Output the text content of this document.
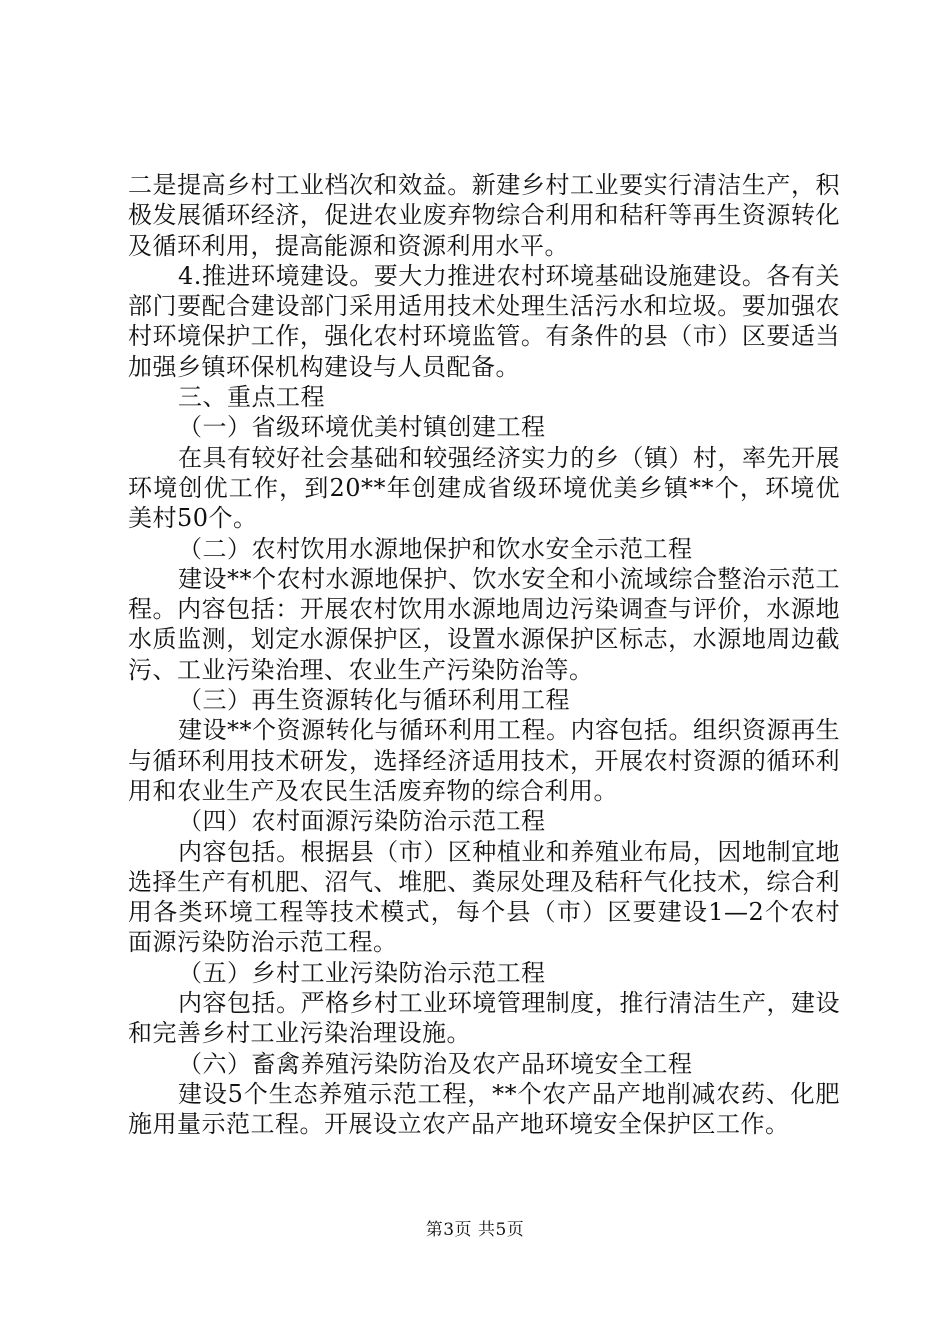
二是提高乡村工业档次和效益。新建乡村工业要实行清洁生产，积极发展循环经济，促进农业废弃物综合利用和秸秆等再生资源转化及循环利用，提高能源和资源利用水平。

4.推进环境建设。要大力推进农村环境基础设施建设。各有关部门要配合建设部门采用适用技术处理生活污水和垃圾。要加强农村环境保护工作，强化农村环境监管。有条件的县（市）区要适当加强乡镇环保机构建设与人员配备。

三、重点工程

（一）省级环境优美村镇创建工程

在具有较好社会基础和较强经济实力的乡（镇）村，率先开展环境创优工作，到20**年创建成省级环境优美乡镇**个，环境优美村50个。

（二）农村饮用水源地保护和饮水安全示范工程

建设**个农村水源地保护、饮水安全和小流域综合整治示范工程。内容包括：开展农村饮用水源地周边污染调查与评价，水源地水质监测，划定水源保护区，设置水源保护区标志，水源地周边截污、工业污染治理、农业生产污染防治等。

（三）再生资源转化与循环利用工程

建设**个资源转化与循环利用工程。内容包括。组织资源再生与循环利用技术研发，选择经济适用技术，开展农村资源的循环利用和农业生产及农民生活废弃物的综合利用。

（四）农村面源污染防治示范工程

内容包括。根据县（市）区种植业和养殖业布局，因地制宜地选择生产有机肥、沼气、堆肥、粪尿处理及秸秆气化技术，综合利用各类环境工程等技术模式，每个县（市）区要建设1—2个农村面源污染防治示范工程。

（五）乡村工业污染防治示范工程

内容包括。严格乡村工业环境管理制度，推行清洁生产，建设和完善乡村工业污染治理设施。

（六）畜禽养殖污染防治及农产品环境安全工程

建设5个生态养殖示范工程，**个农产品产地削减农药、化肥施用量示范工程。开展设立农产品产地环境安全保护区工作。

第3页 共5页
